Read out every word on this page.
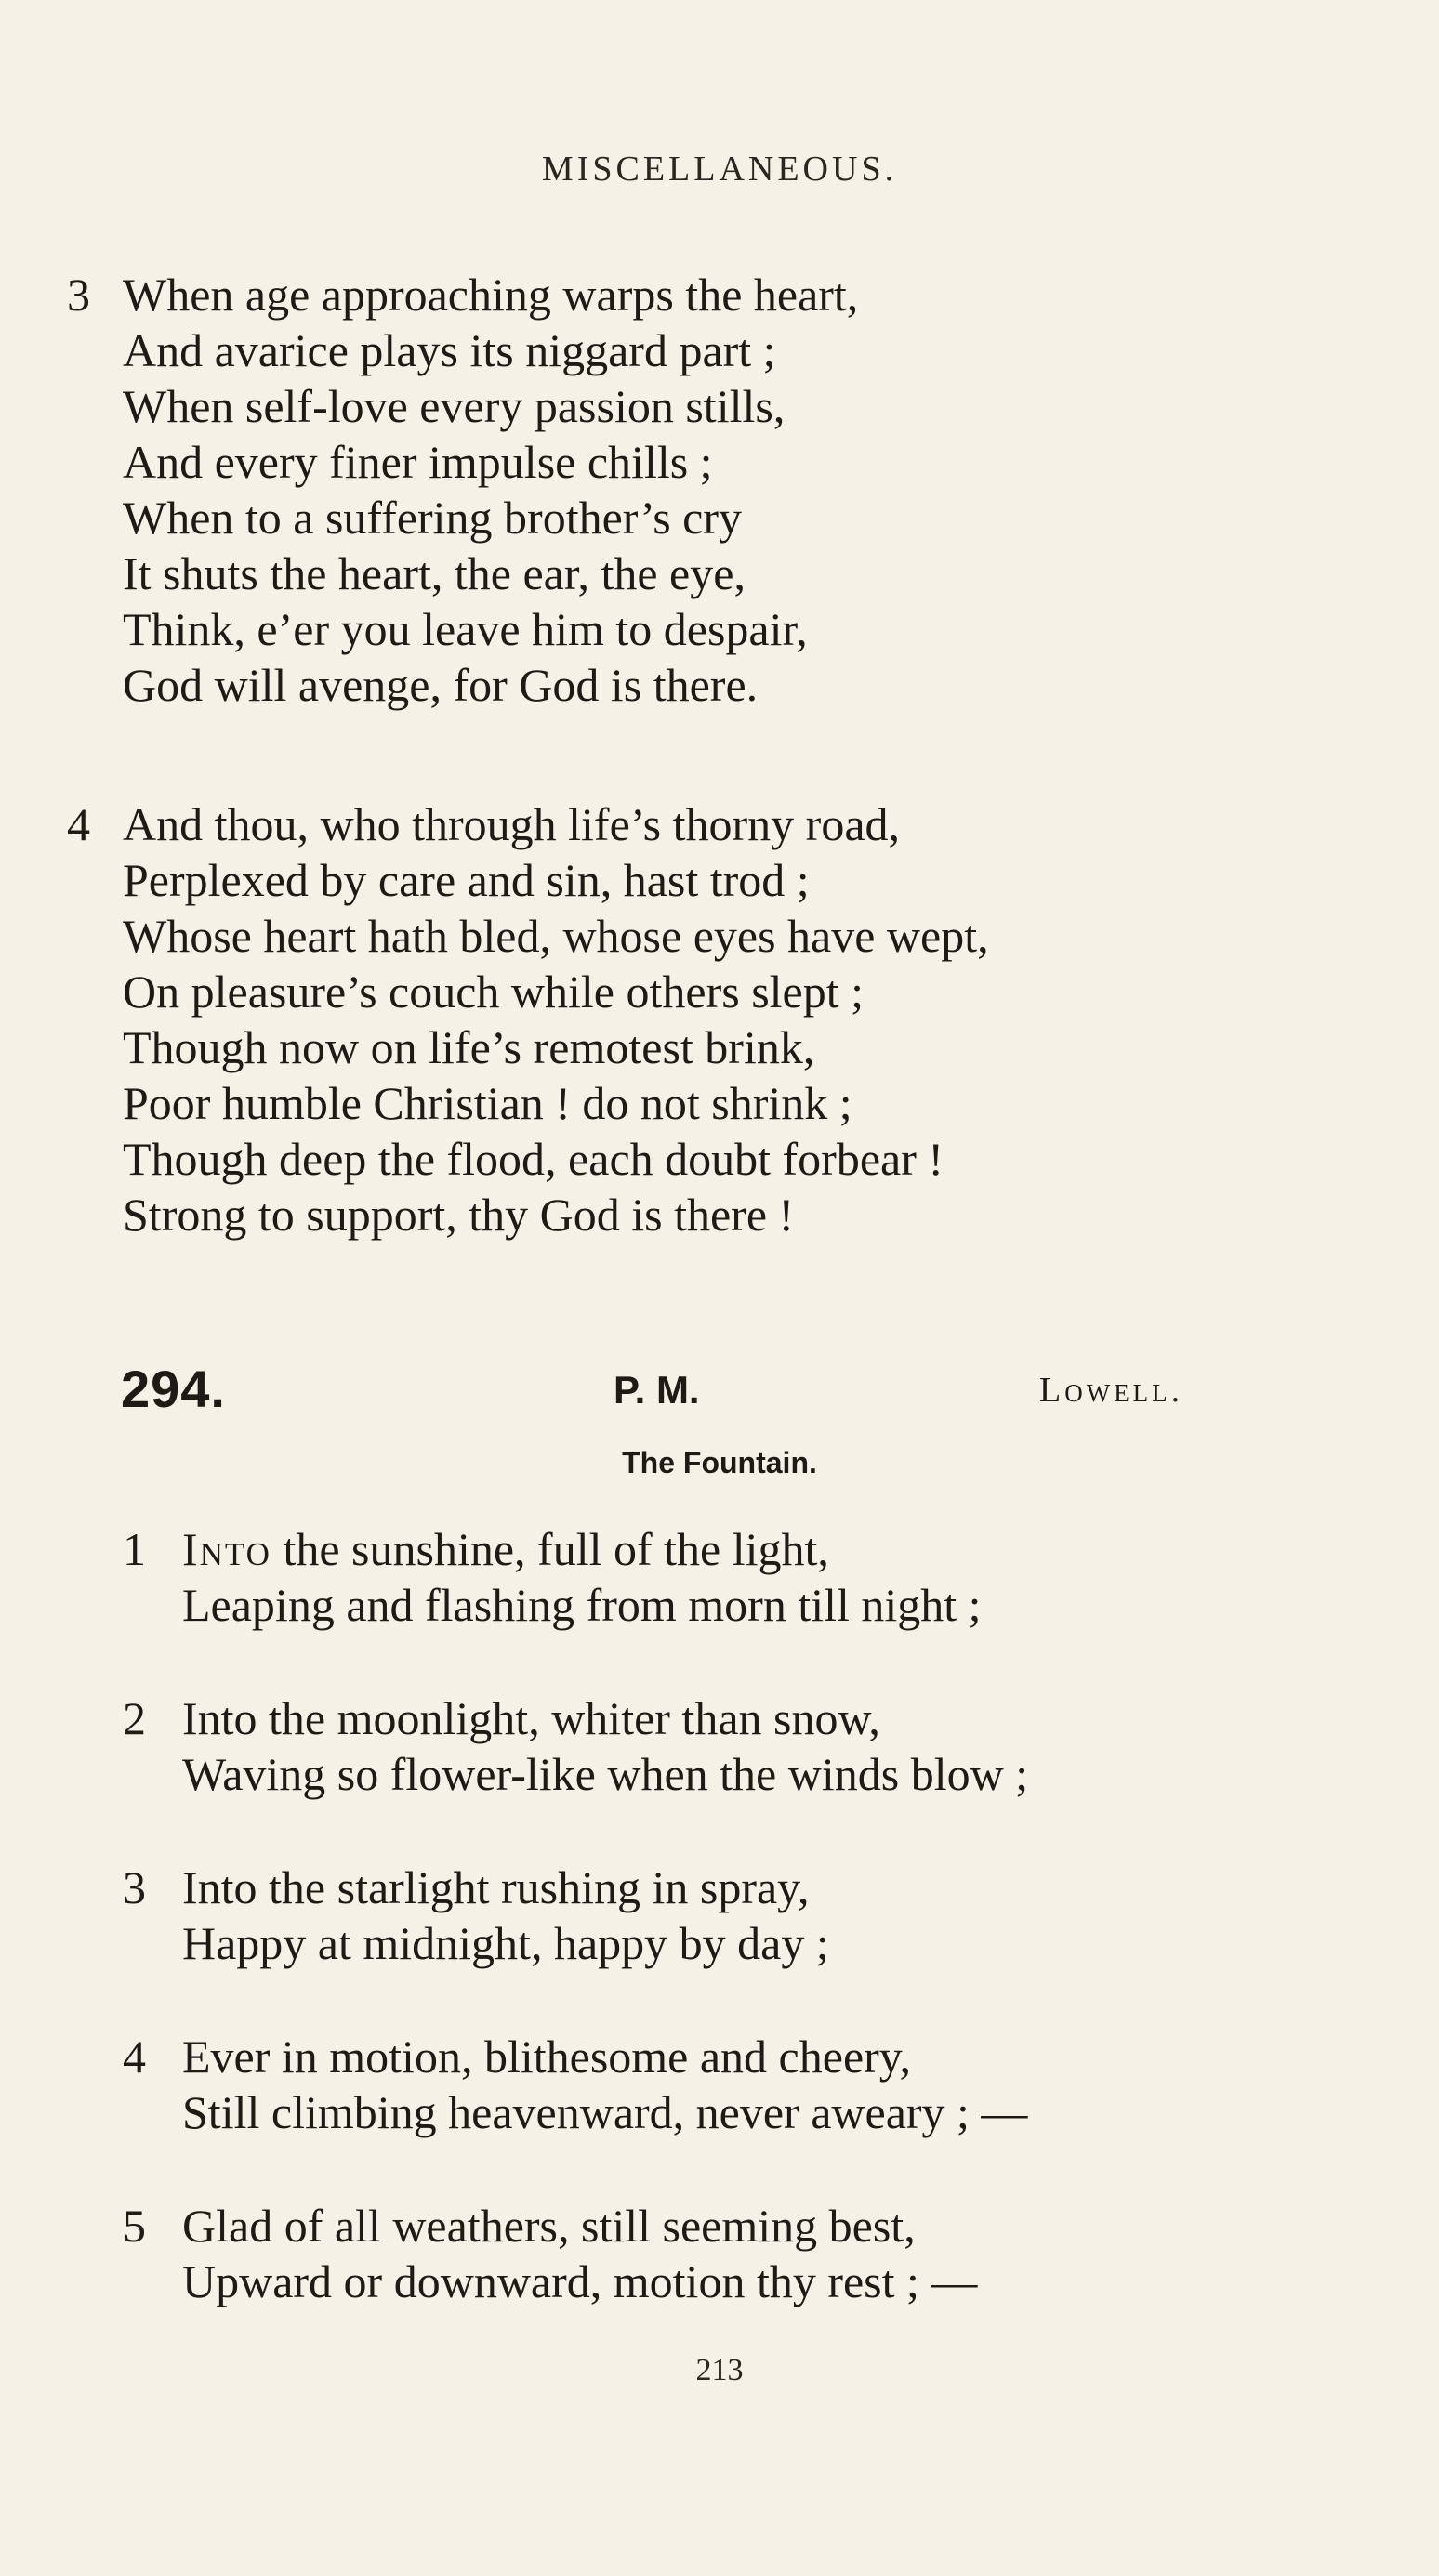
MISCELLANEOUS.
3 When age approaching warps the heart,
And avarice plays its niggard part ;
When self-love every passion stills,
And every finer impulse chills ;
When to a suffering brother’s cry
It shuts the heart, the ear, the eye,
Think, e’er you leave him to despair,
God will avenge, for God is there.
4 And thou, who through life’s thorny road,
Perplexed by care and sin, hast trod ;
Whose heart hath bled, whose eyes have wept,
On pleasure’s couch while others slept ;
Though now on life’s remotest brink,
Poor humble Christian ! do not shrink ;
Though deep the flood, each doubt forbear !
Strong to support, thy God is there !
294.	P. M.	Lowell.
The Fountain.
1 Into the sunshine, full of the light,
Leaping and flashing from morn till night ;
2 Into the moonlight, whiter than snow,
Waving so flower-like when the winds blow ;
3 Into the starlight rushing in spray,
Happy at midnight, happy by day ;
4 Ever in motion, blithesome and cheery,
Still climbing heavenward, never aweary ; —
5 Glad of all weathers, still seeming best,
Upward or downward, motion thy rest ; —
213
